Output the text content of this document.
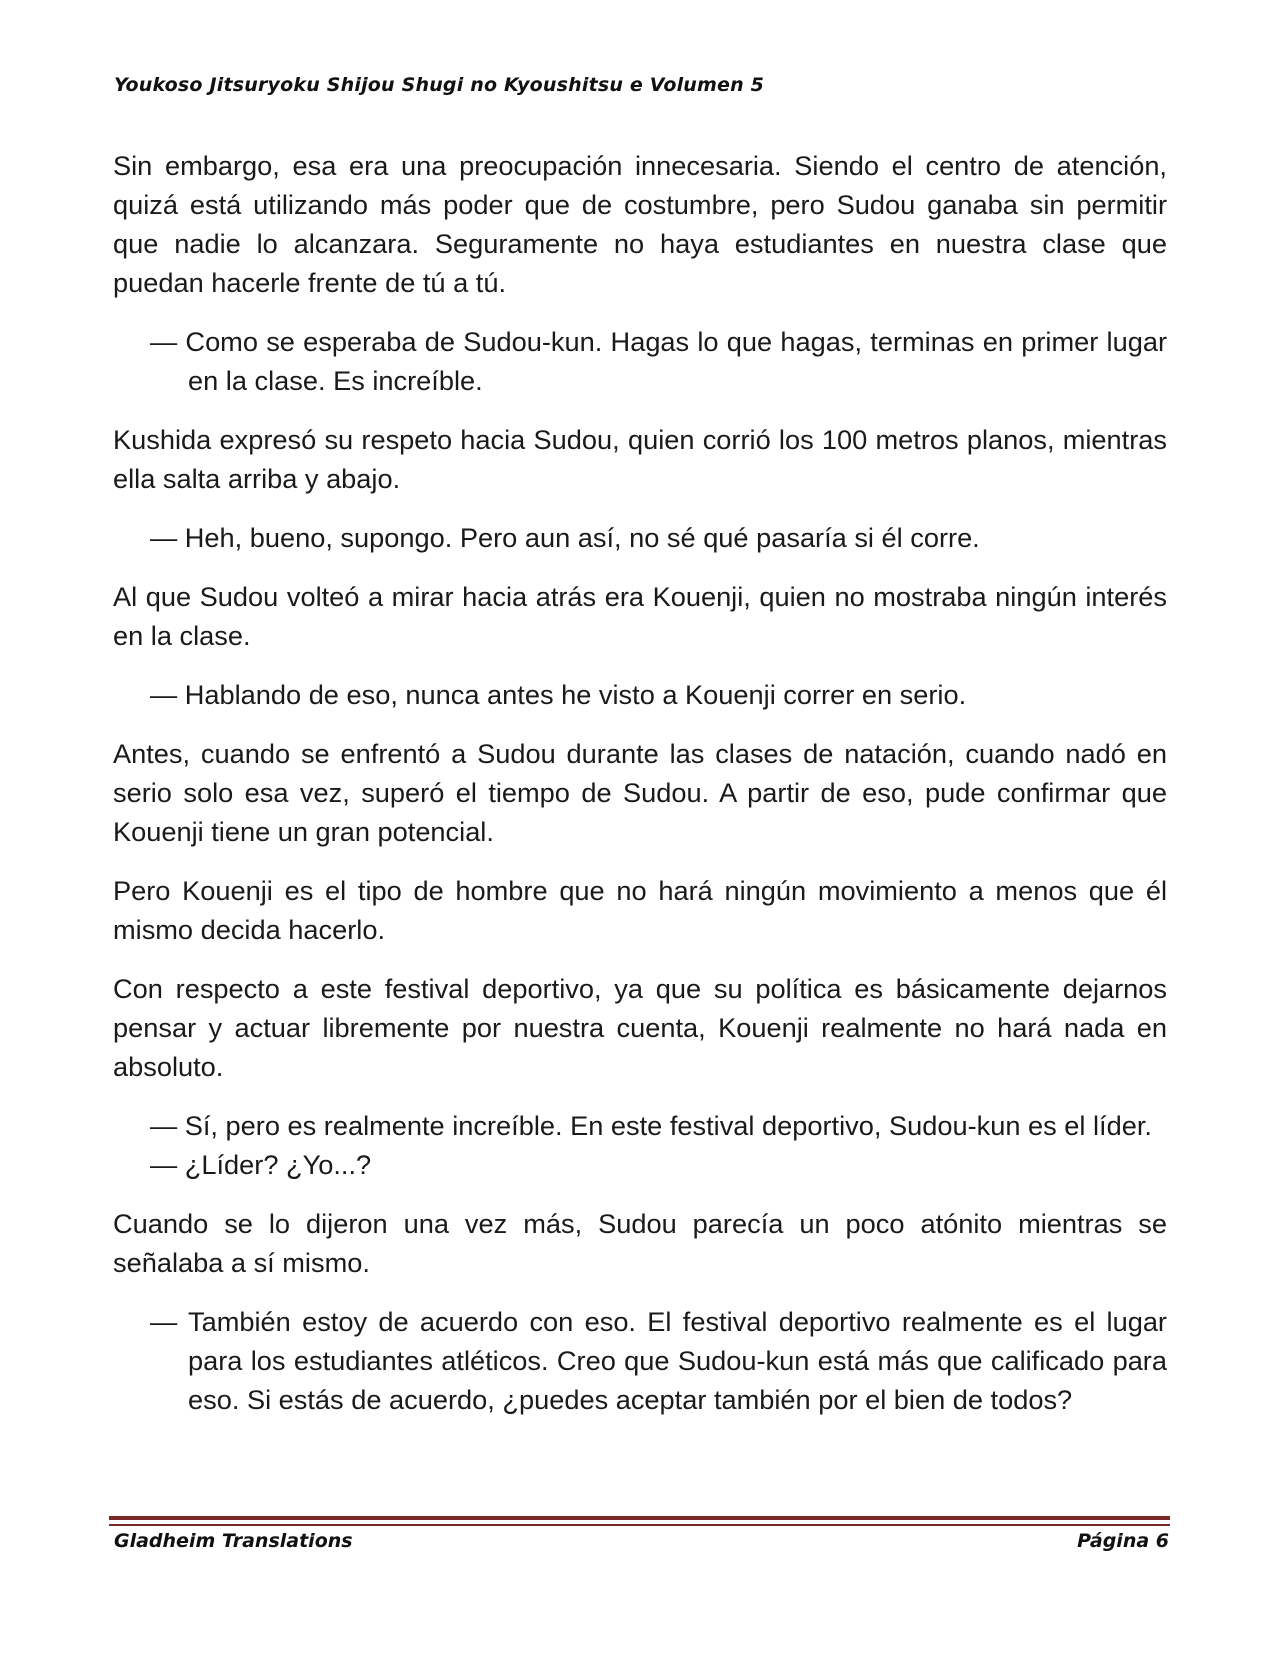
Youkoso Jitsuryoku Shijou Shugi no Kyoushitsu e Volumen 5

Sin embargo, esa era una preocupación innecesaria. Siendo el centro de atención, quizá está utilizando más poder que de costumbre, pero Sudou ganaba sin permitir que nadie lo alcanzara. Seguramente no haya estudiantes en nuestra clase que puedan hacerle frente de tú a tú.

— Como se esperaba de Sudou-kun. Hagas lo que hagas, terminas en primer lugar en la clase. Es increíble.

Kushida expresó su respeto hacia Sudou, quien corrió los 100 metros planos, mientras ella salta arriba y abajo.

— Heh, bueno, supongo. Pero aun así, no sé qué pasaría si él corre.

Al que Sudou volteó a mirar hacia atrás era Kouenji, quien no mostraba ningún interés en la clase.

— Hablando de eso, nunca antes he visto a Kouenji correr en serio.

Antes, cuando se enfrentó a Sudou durante las clases de natación, cuando nadó en serio solo esa vez, superó el tiempo de Sudou. A partir de eso, pude confirmar que Kouenji tiene un gran potencial.

Pero Kouenji es el tipo de hombre que no hará ningún movimiento a menos que él mismo decida hacerlo.

Con respecto a este festival deportivo, ya que su política es básicamente dejarnos pensar y actuar libremente por nuestra cuenta, Kouenji realmente no hará nada en absoluto.

— Sí, pero es realmente increíble. En este festival deportivo, Sudou-kun es el líder.

— ¿Líder? ¿Yo...?

Cuando se lo dijeron una vez más, Sudou parecía un poco atónito mientras se señalaba a sí mismo.

— También estoy de acuerdo con eso. El festival deportivo realmente es el lugar para los estudiantes atléticos. Creo que Sudou-kun está más que calificado para eso. Si estás de acuerdo, ¿puedes aceptar también por el bien de todos?

Gladheim Translations	Página 6
